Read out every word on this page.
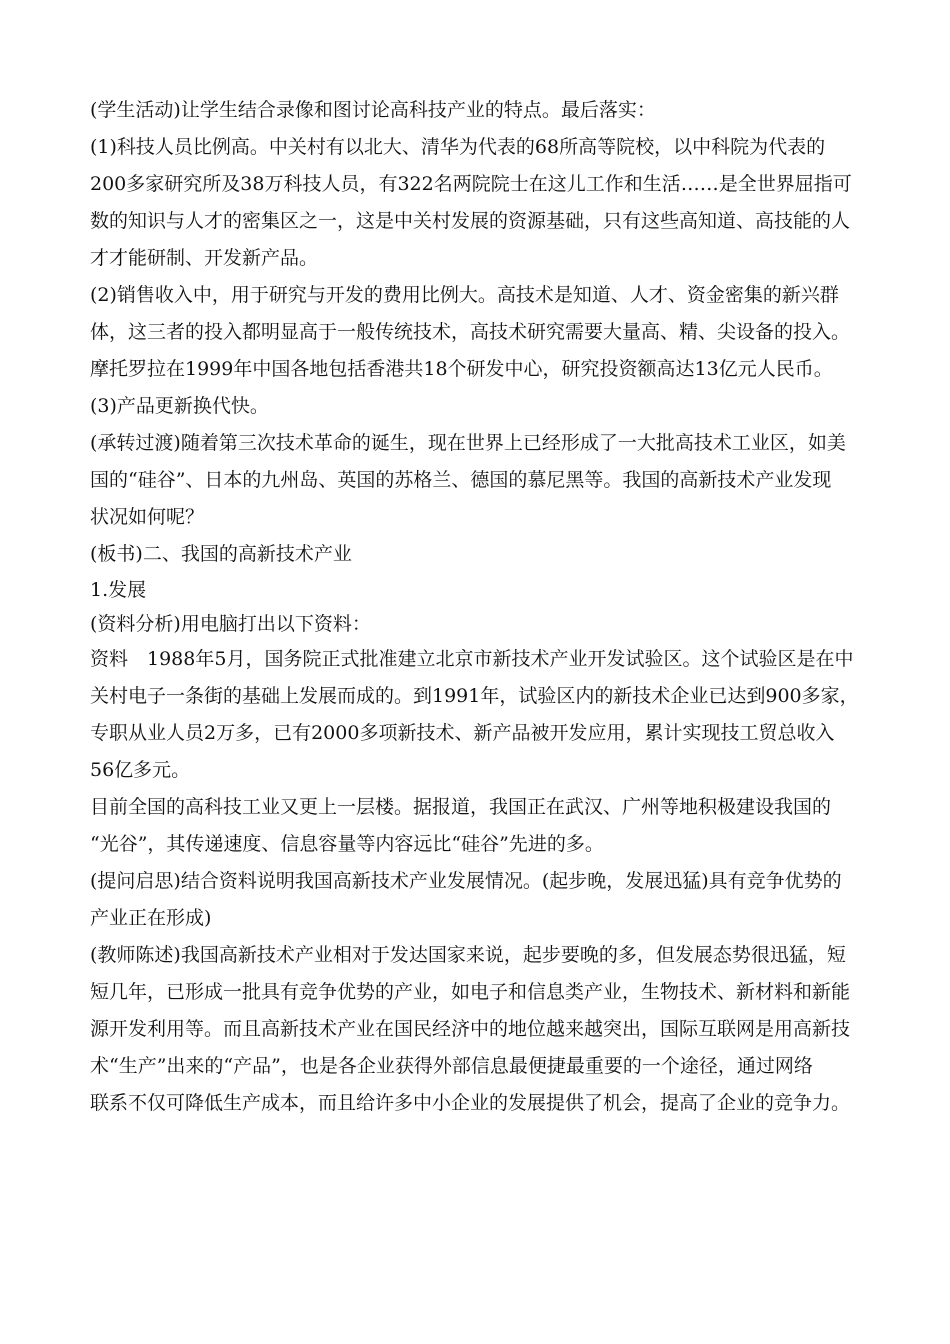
(学生活动)让学生结合录像和图讨论高科技产业的特点。最后落实：
(1)科技人员比例高。中关村有以北大、清华为代表的68所高等院校，以中科院为代表的
200多家研究所及38万科技人员，有322名两院院士在这儿工作和生活……是全世界屈指可
数的知识与人才的密集区之一，这是中关村发展的资源基础，只有这些高知道、高技能的人
才才能研制、开发新产品。
(2)销售收入中，用于研究与开发的费用比例大。高技术是知道、人才、资金密集的新兴群
体，这三者的投入都明显高于一般传统技术，高技术研究需要大量高、精、尖设备的投入。
摩托罗拉在1999年中国各地包括香港共18个研发中心，研究投资额高达13亿元人民币。
(3)产品更新换代快。
(承转过渡)随着第三次技术革命的诞生，现在世界上已经形成了一大批高技术工业区，如美
国的“硅谷”、日本的九州岛、英国的苏格兰、德国的慕尼黑等。我国的高新技术产业发现
状况如何呢？
(板书)二、我国的高新技术产业
1.发展
(资料分析)用电脑打出以下资料：
资料　1988年5月，国务院正式批准建立北京市新技术产业开发试验区。这个试验区是在中
关村电子一条街的基础上发展而成的。到1991年，试验区内的新技术企业已达到900多家，
专职从业人员2万多，已有2000多项新技术、新产品被开发应用，累计实现技工贸总收入
56亿多元。
目前全国的高科技工业又更上一层楼。据报道，我国正在武汉、广州等地积极建设我国的
“光谷”，其传递速度、信息容量等内容远比“硅谷”先进的多。
(提问启思)结合资料说明我国高新技术产业发展情况。(起步晚，发展迅猛)具有竞争优势的
产业正在形成)
(教师陈述)我国高新技术产业相对于发达国家来说，起步要晚的多，但发展态势很迅猛，短
短几年，已形成一批具有竞争优势的产业，如电子和信息类产业，生物技术、新材料和新能
源开发利用等。而且高新技术产业在国民经济中的地位越来越突出，国际互联网是用高新技
术“生产”出来的“产品”，也是各企业获得外部信息最便捷最重要的一个途径，通过网络
联系不仅可降低生产成本，而且给许多中小企业的发展提供了机会，提高了企业的竞争力。
